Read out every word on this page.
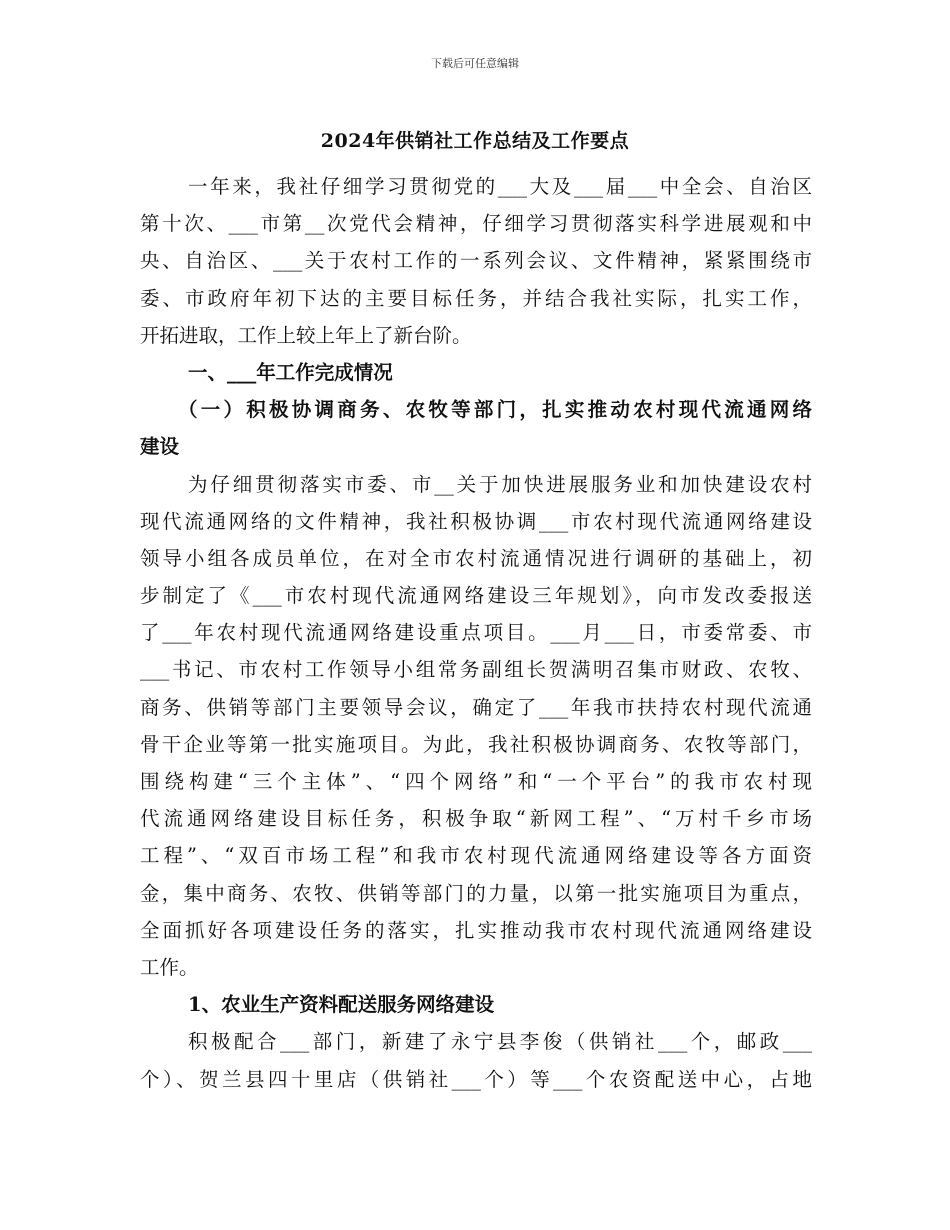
下载后可任意编辑
2024年供销社工作总结及工作要点
一年来，我社仔细学习贯彻党的___大及___届___中全会、自治区
第十次、___市第__次党代会精神，仔细学习贯彻落实科学进展观和中
央、自治区、___关于农村工作的一系列会议、文件精神，紧紧围绕市
委、市政府年初下达的主要目标任务，并结合我社实际，扎实工作，
开拓进取，工作上较上年上了新台阶。
一、___年工作完成情况
（一）积极协调商务、农牧等部门，扎实推动农村现代流通网络
建设
为仔细贯彻落实市委、市__关于加快进展服务业和加快建设农村
现代流通网络的文件精神，我社积极协调___市农村现代流通网络建设
领导小组各成员单位，在对全市农村流通情况进行调研的基础上，初
步制定了《___市农村现代流通网络建设三年规划》，向市发改委报送
了___年农村现代流通网络建设重点项目。___月___日，市委常委、市
___书记、市农村工作领导小组常务副组长贺满明召集市财政、农牧、
商务、供销等部门主要领导会议，确定了___年我市扶持农村现代流通
骨干企业等第一批实施项目。为此，我社积极协调商务、农牧等部门，
围绕构建“三个主体”、“四个网络”和“一个平台”的我市农村现
代流通网络建设目标任务，积极争取“新网工程”、“万村千乡市场
工程”、“双百市场工程”和我市农村现代流通网络建设等各方面资
金，集中商务、农牧、供销等部门的力量，以第一批实施项目为重点，
全面抓好各项建设任务的落实，扎实推动我市农村现代流通网络建设
工作。
1、农业生产资料配送服务网络建设
积极配合___部门，新建了永宁县李俊（供销社___个，邮政___
个）、贺兰县四十里店（供销社___个）等___个农资配送中心，占地
